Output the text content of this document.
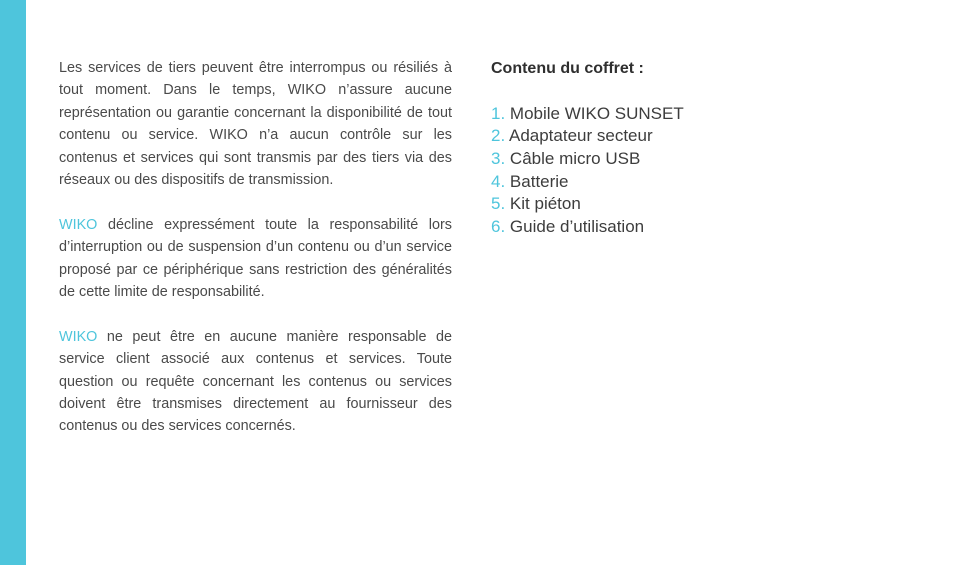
Les services de tiers peuvent être interrompus ou résiliés à tout moment. Dans le temps, WIKO n’assure aucune représentation ou garantie concernant la disponibilité de tout contenu ou service. WIKO n’a aucun contrôle sur les contenus et services qui sont transmis par des tiers via des réseaux ou des dispositifs de transmission.

WIKO décline expressément toute la responsabilité lors d’interruption ou de suspension d’un contenu ou d’un service proposé par ce périphérique sans restriction des généralités de cette limite de responsabilité.

WIKO ne peut être en aucune manière responsable de service client associé aux contenus et services. Toute question ou requête concernant les contenus ou services doivent être transmises directement au fournisseur des contenus ou des services concernés.

Contenu du coffret :
1. Mobile WIKO SUNSET
2. Adaptateur secteur
3. Câble micro USB
4. Batterie
5. Kit piéton
6. Guide d’utilisation
